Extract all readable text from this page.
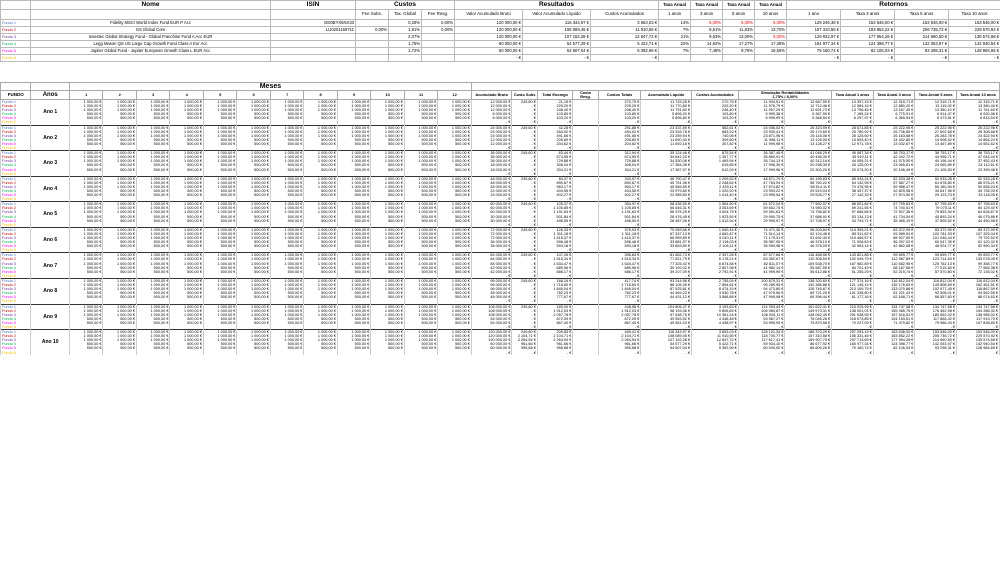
	Nome	ISIN	Custos			Resultados			Taxa Anual	Taxa Anual	Taxa Anual	Taxa Anual	Retornos			
			Fee Subs.	Tax. Global	Fee Resg.	Valor Acumulado Bruto	Valor Acumulado Líquido	Custos Acumulados	1 anos	3 anos	5 anos	10 anos	1 ano	Taxa 3 anos	Taxa 5 anos	Taxa 10 anos
Fundo 1	Fidelity MSCI World Index Fund EUR P Acc	IE00BYX5NX33		0,28%	0,00%	120 000,00 €	116 344,97 €	3 653,03 €	14%	5,00%	5,00%	5,00%	129 246,38 €	153 546,00 €	153 546,00 €	153 546,00 €
Fundo 2	GS Global Core	LU0201159711	0,00%	1,91%	0,00%	120 000,00 €	108 089,45 €	11 910,55 €	7%	9,51%	11,83%	13,70%	157 310,58 €	183 852,22 €	206 735,72 €	229 570,92 €
Fundo 3	Investec Global Strategy Fund - Global Franchise Fund A Acc EUR			2,07%		120 000,00 €	107 152,28 €	12 847,72 €	21%	9,53%	13,00%	5,00%	129 932,97 €	177 954,26 €	214 660,50 €	139 574,68 €
Fundo 4	Legg Mason QS US Large Cap Growth Fund Class A Eur Acc			1,75%		60 000,00 €	54 577,29 €	5 422,71 €	22%	14,92%	17,27%	17,38%	184 977,34 €	124 398,77 €	142 053,97 €	142 940,54 €
Fundo 5	Jupiter Global Fund - Jupiter European Growth Class L EUR Acc			1,72%		60 000,00 €	54 607,04 €	5 392,96 €	7%	7,48%	9,78%	15,55%	79 160,74 €	82 106,03 €	93 298,31 €	128 984,65 €
Fundo 6						- €	- €	- €					- €	- €	- €	- €
		Meses																								
FUNDO	Anos	1	2	3	4	5	6	7	8	9	10	11	12	Acumulado Bruto	Custo Subs	Total Encargo	Custo Resg.	Custos Totais	Acumulado Líquido	Custos Acumulados	Simulação Rentabilidades
1,75% / 8,00%		Taxa Anual 1 anos	Taxa Anual 3 anos	Taxa Anual 5 anos	Taxa Anual 10 anos
Fundo 1	Ano 1	1 000,00 €	1 000,00 €	1 000,00 €	1 000,00 €	1 000,00 €	1 000,00 €	1 000,00 €	1 000,00 €	1 000,00 €	1 000,00 €	1 000,00 €	1 000,00 €	12 000,00 €	249,60 €	21,15 €		270,75 €	11 729,25 €	270,75 €	11 934,51 €	12 667,59 €	13 397,15 €	12 315,71 €	12 315,71 €	12 315,71 €
Fundo 2		1 000,00 €	1 000,00 €	1 000,00 €	1 000,00 €	1 000,00 €	1 000,00 €	1 000,00 €	1 000,00 €	1 000,00 €	1 000,00 €	1 000,00 €	1 000,00 €	12 000,00 €	- €	229,20 €		229,20 €	11 770,80 €	229,20 €	11 976,79 €	12 712,46 €	12 584,16 €	12 880,20 €	13 115,02 €	13 380,40 €
Fundo 3		1 000,00 €	1 000,00 €	1 000,00 €	1 000,00 €	1 000,00 €	1 000,00 €	1 000,00 €	1 000,00 €	1 000,00 €	1 000,00 €	1 000,00 €	1 000,00 €	12 000,00 €	- €	248,40 €		248,40 €	11 751,60 €	248,40 €	11 957,25 €	12 691,73 €	13 756,46 €	13 167,45 €	13 380,10 €	11 761,60 €
Fundo 4		500,00 €	500,00 €	500,00 €	500,00 €	500,00 €	500,00 €	500,00 €	500,00 €	500,00 €	500,00 €	500,00 €	500,00 €	6 000,00 €	- €	103,80 €		103,80 €	5 896,20 €	103,80 €	5 999,38 €	6 367,90 €	7 169,24 €	6 775,91 €	6 914,47 €	6 920,96 €
Fundo 5		500,00 €	500,00 €	500,00 €	500,00 €	500,00 €	500,00 €	500,00 €	500,00 €	500,00 €	500,00 €	500,00 €	500,00 €	6 000,00 €	- €	103,20 €		103,20 €	5 896,80 €	103,20 €	5 999,99 €	6 368,54 €	6 297,97 €	6 365,54 €	6 473,51 €	6 813,54 €
Fundo 6														- €	- €	- €		- €	- €	- €	- €	- €	- €	- €	- €	- €
Fundo 1	Ano 2	1 000,00 €	1 000,00 €	1 000,00 €	1 000,00 €	1 000,00 €	1 000,00 €	1 000,00 €	1 000,00 €	1 000,00 €	1 000,00 €	1 000,00 €	1 000,00 €	24 000,00 €	249,60 €	42,28 €		291,88 €	23 437,89 €	562,61 €	24 056,02 €	26 323,99 €	28 671,85 €	25 222,96 €	25 222,96 €	25 222,96 €
Fundo 2		1 000,00 €	1 000,00 €	1 000,00 €	1 000,00 €	1 000,00 €	1 000,00 €	1 000,00 €	1 000,00 €	1 000,00 €	1 000,00 €	1 000,00 €	1 000,00 €	24 000,00 €	- €	454,02 €		454,02 €	23 316,78 €	683,22 €	23 930,41 €	26 179,69 €	25 780,92 €	26 736,65 €	27 602,68 €	28 308,68 €
Fundo 3		1 000,00 €	1 000,00 €	1 000,00 €	1 000,00 €	1 000,00 €	1 000,00 €	1 000,00 €	1 000,00 €	1 000,00 €	1 000,00 €	1 000,00 €	1 000,00 €	24 000,00 €	- €	491,66 €		491,66 €	23 259,94 €	740,06 €	23 871,96 €	26 116,06 €	28 125,60 €	26 163,68 €	26 283,78 €	24 422,94 €
Fundo 4		500,00 €	500,00 €	500,00 €	500,00 €	500,00 €	500,00 €	500,00 €	500,00 €	500,00 €	500,00 €	500,00 €	500,00 €	12 000,00 €	- €	205,80 €		205,80 €	11 690,40 €	309,60 €	11 998,11 €	13 126,05 €	15 693,40 €	14 442,80 €	14 908,42 €	14 864,24 €
Fundo 5		500,00 €	500,00 €	500,00 €	500,00 €	500,00 €	500,00 €	500,00 €	500,00 €	500,00 €	500,00 €	500,00 €	500,00 €	12 000,00 €	- €	204,62 €		204,62 €	11 692,18 €	307,82 €	11 999,98 €	13 128,27 €	12 971,78 €	13 032,67 €	13 467,89 €	14 551,62 €
Fundo 6														- €	- €	- €		- €	- €	- €	- €	- €	- €	- €	- €	- €
Fundo 1	Ano 3	1 000,00 €	1 000,00 €	1 000,00 €	1 000,00 €	1 000,00 €	1 000,00 €	1 000,00 €	1 000,00 €	1 000,00 €	1 000,00 €	1 000,00 €	1 000,00 €	36 000,00 €	249,60 €	63,44 €		312,94 €	35 124,46 €	875,54 €	36 367,46 €	41 046,29 €	46 087,34 €	38 753,17 €	38 753,17 €	38 753,17 €
Fundo 2		1 000,00 €	1 000,00 €	1 000,00 €	1 000,00 €	1 000,00 €	1 000,00 €	1 000,00 €	1 000,00 €	1 000,00 €	1 000,00 €	1 000,00 €	1 000,00 €	36 000,00 €	- €	674,55 €		674,55 €	34 642,23 €	1 357,77 €	35 860,91 €	40 446,30 €	39 919,11 €	42 442,72 €	44 956,71 €	47 044,44 €
Fundo 3		1 000,00 €	1 000,00 €	1 000,00 €	1 000,00 €	1 000,00 €	1 000,00 €	1 000,00 €	1 000,00 €	1 000,00 €	1 000,00 €	1 000,00 €	1 000,00 €	36 000,00 €	- €	729,88 €		729,88 €	34 530,06 €	1 469,94 €	35 744,13 €	40 312,16 €	44 059,21 €	41 575,50 €	40 198,44 €	37 452,43 €
Fundo 4		500,00 €	500,00 €	500,00 €	500,00 €	500,00 €	500,00 €	500,00 €	500,00 €	500,00 €	500,00 €	500,00 €	500,00 €	18 000,00 €	- €	306,04 €		306,04 €	17 384,35 €	615,65 €	17 996,30 €	20 298,39 €	26 125,00 €	23 065,81 €	24 065,89 €	24 112,61 €
Fundo 5		500,00 €	500,00 €	500,00 €	500,00 €	500,00 €	500,00 €	500,00 €	500,00 €	500,00 €	500,00 €	500,00 €	500,00 €	18 000,00 €	- €	304,21 €		304,21 €	17 387,97 €	612,03 €	17 999,96 €	20 303,20 €	20 073,20 €	20 196,49 €	21 105,53 €	23 399,48 €
Fundo 6														- €	- €	- €		- €	- €	- €	- €	- €	- €	- €	- €	- €
Fundo 1	Ano 4	1 000,00 €	1 000,00 €	1 000,00 €	1 000,00 €	1 000,00 €	1 000,00 €	1 000,00 €	1 000,00 €	1 000,00 €	1 000,00 €	1 000,00 €	1 000,00 €	48 000,00 €	249,60 €	84,37 €		333,97 €	46 790,47 €	1 209,53 €	48 871,79 €	60 195,83 €	65 943,24 €	52 933,28 €	52 933,28 €	52 933,28 €
Fundo 2		1 000,00 €	1 000,00 €	1 000,00 €	1 000,00 €	1 000,00 €	1 000,00 €	1 000,00 €	1 000,00 €	1 000,00 €	1 000,00 €	1 000,00 €	1 000,00 €	48 000,00 €	- €	890,87 €		890,87 €	45 751,36 €	2 248,64 €	47 763,94 €	58 760,22 €	54 132,98 €	57 587,27 €	61 678,80 €	66 576,21 €
Fundo 3		1 000,00 €	1 000,00 €	1 000,00 €	1 000,00 €	1 000,00 €	1 000,00 €	1 000,00 €	1 000,00 €	1 000,00 €	1 000,00 €	1 000,00 €	1 000,00 €	48 000,00 €	- €	963,17 €		963,17 €	45 566,89 €	2 433,11 €	47 574,82 €	58 514,11 €	70 476,95 €	59 988,47 €	60 180,94 €	50 658,24 €
Fundo 4		500,00 €	500,00 €	500,00 €	500,00 €	500,00 €	500,00 €	500,00 €	500,00 €	500,00 €	500,00 €	500,00 €	500,00 €	24 000,00 €	- €	404,55 €		404,55 €	23 979,80 €	1 020,20 €	23 993,22 €	29 519,04 €	38 457,37 €	32 829,08 €	34 647,96 €	34 735,03 €
Fundo 5		500,00 €	500,00 €	500,00 €	500,00 €	500,00 €	500,00 €	500,00 €	500,00 €	500,00 €	500,00 €	500,00 €	500,00 €	24 000,00 €	- €	402,27 €		402,27 €	22 985,60 €	1 014,40 €	23 999,94 €	29 526,77 €	27 142,33 €	27 574,50 €	29 123,73 €	33 118,05 €
Fundo 6														- €	- €	- €		- €	- €	- €	- €	- €	- €	- €	- €	- €
Fundo 1	Ano 5	1 000,00 €	1 000,00 €	1 000,00 €	1 000,00 €	1 000,00 €	1 000,00 €	1 000,00 €	1 000,00 €	1 000,00 €	1 000,00 €	1 000,00 €	1 000,00 €	60 000,00 €	249,60 €	105,37 €		354,97 €	58 435,50 €	1 564,50 €	61 572,04 €	77 562,07 €	88 501,84 €	67 795,63 €	67 795,63 €	67 795,63 €
Fundo 2		1 000,00 €	1 000,00 €	1 000,00 €	1 000,00 €	1 000,00 €	1 000,00 €	1 000,00 €	1 000,00 €	1 000,00 €	1 000,00 €	1 000,00 €	1 000,00 €	60 000,00 €	- €	1 105,85 €		1 105,85 €	56 646,31 €	3 353,69 €	59 652,75 €	74 980,02 €	69 241,55 €	74 740,51 €	79 075,11 €	84 129,40 €
Fundo 3		1 000,00 €	1 000,00 €	1 000,00 €	1 000,00 €	1 000,00 €	1 000,00 €	1 000,00 €	1 000,00 €	1 000,00 €	1 000,00 €	1 000,00 €	1 000,00 €	60 000,00 €	- €	1 191,63 €		1 191,63 €	56 375,25 €	3 624,75 €	59 361,63 €	74 758,82 €	97 666,66 €	72 507,36 €	79 853,94 €	64 626,67 €
Fundo 4		500,00 €	500,00 €	500,00 €	500,00 €	500,00 €	500,00 €	500,00 €	500,00 €	500,00 €	500,00 €	500,00 €	500,00 €	30 000,00 €	- €	501,84 €		501,84 €	28 476,45 €	1 523,55 €	29 990,75 €	37 686,91 €	53 134,13 €	41 734,54 €	45 893,24 €	46 075,86 €
Fundo 5		500,00 €	500,00 €	500,00 €	500,00 €	500,00 €	500,00 €	500,00 €	500,00 €	500,00 €	500,00 €	500,00 €	500,00 €	30 000,00 €	- €	498,55 €		498,55 €	28 487,06 €	1 512,94 €	29 999,97 €	37 708,97 €	34 793,71 €	35 465,19 €	37 895,62 €	44 450,58 €
Fundo 6														- €	- €	- €		- €	- €	- €	- €	- €	- €	- €	- €	- €
Fundo 1	Ano 6	1 000,00 €	1 000,00 €	1 000,00 €	1 000,00 €	1 000,00 €	1 000,00 €	1 000,00 €	1 000,00 €	1 000,00 €	1 000,00 €	1 000,00 €	1 000,00 €	72 000,00 €	249,60 €	126,33 €		375,93 €	70 059,56 €	1 940,44 €	74 471,30 €	96 203,84 €	114 393,21 €	83 372,99 €	83 372,99 €	83 372,99 €
Fundo 2		1 000,00 €	1 000,00 €	1 000,00 €	1 000,00 €	1 000,00 €	1 000,00 €	1 000,00 €	1 000,00 €	1 000,00 €	1 000,00 €	1 000,00 €	1 000,00 €	72 000,00 €	- €	1 311,18 €		1 311,18 €	67 337,13 €	4 662,87 €	71 514,14 €	92 124,46 €	85 511,82 €	93 589,94 €	100 781,53 €	107 325,04 €
Fundo 3		1 000,00 €	1 000,00 €	1 000,00 €	1 000,00 €	1 000,00 €	1 000,00 €	1 000,00 €	1 000,00 €	1 000,00 €	1 000,00 €	1 000,00 €	1 000,00 €	72 000,00 €	- €	1 415,37 €		1 415,37 €	66 959,89 €	5 040,11 €	71 179,31 €	91 692,40 €	119 465,57 €	88 927,50 €	101 046,44 €	79 792,52 €
Fundo 4		500,00 €	500,00 €	500,00 €	500,00 €	500,00 €	500,00 €	500,00 €	500,00 €	500,00 €	500,00 €	500,00 €	500,00 €	36 000,00 €	- €	596,48 €		596,48 €	33 881,97 €	2 118,03 €	35 987,06 €	46 378,10 €	71 006,63 €	56 297,02 €	60 047,39 €	61 120,32 €
Fundo 5		500,00 €	500,00 €	500,00 €	500,00 €	500,00 €	500,00 €	500,00 €	500,00 €	500,00 €	500,00 €	500,00 €	500,00 €	36 000,00 €	- €	593,18 €		593,18 €	33 893,89 €	2 106,11 €	35 999,98 €	46 376,09 €	42 563,14 €	42 862,08 €	46 924,77 €	52 990,34 €
Fundo 6														- €	- €	- €		- €	- €	- €	- €	- €	- €	- €	- €	- €
Fundo 1	Ano 7	1 000,00 €	1 000,00 €	1 000,00 €	1 000,00 €	1 000,00 €	1 000,00 €	1 000,00 €	1 000,00 €	1 000,00 €	1 000,00 €	1 000,00 €	1 000,00 €	84 000,00 €	249,60 €	147,26 €		396,84 €	81 662,73 €	2 337,28 €	87 577,66 €	116 468,96 €	143 821,88 €	99 699,77 €	99 699,77 €	99 699,77 €
Fundo 2		1 000,00 €	1 000,00 €	1 000,00 €	1 000,00 €	1 000,00 €	1 000,00 €	1 000,00 €	1 000,00 €	1 000,00 €	1 000,00 €	1 000,00 €	1 000,00 €	84 000,00 €	- €	1 515,34 €		1 515,34 €	77 821,79 €	6 178,21 €	83 352,67 €	110 306,54 €	102 049,79 €	112 987,89 €	123 714,63 €	133 078,05 €
Fundo 3		1 000,00 €	1 000,00 €	1 000,00 €	1 000,00 €	1 000,00 €	1 000,00 €	1 000,00 €	1 000,00 €	1 000,00 €	1 000,00 €	1 000,00 €	1 000,00 €	84 000,00 €	- €	1 634,47 €		1 634,47 €	77 325,42 €	6 674,58 €	82 811,07 €	109 538,70 €	167 982,89 €	110 582,95 €	125 762,13 €	99 358,77 €
Fundo 4		500,00 €	500,00 €	500,00 €	500,00 €	500,00 €	500,00 €	500,00 €	500,00 €	500,00 €	500,00 €	500,00 €	500,00 €	42 000,00 €	- €	689,96 €		689,96 €	39 192,02 €	2 807,98 €	41 982,14 €	55 587,55 €	84 701,49 €	68 187,66 €	77 015,83 €	77 565,38 €
Fundo 5		500,00 €	500,00 €	500,00 €	500,00 €	500,00 €	500,00 €	500,00 €	500,00 €	500,00 €	500,00 €	500,00 €	500,00 €	42 000,00 €	- €	686,17 €		686,17 €	39 207,09 €	2 792,91 €	41 999,99 €	55 612,86 €	51 255,29 €	52 219,74 €	57 570,80 €	72 135,02 €
Fundo 6														- €	- €	- €		- €	- €	- €	- €	- €	- €	- €	- €	- €
Fundo 1	Ano 8	1 000,00 €	1 000,00 €	1 000,00 €	1 000,00 €	1 000,00 €	1 000,00 €	1 000,00 €	1 000,00 €	1 000,00 €	1 000,00 €	1 000,00 €	1 000,00 €	96 000,00 €	249,60 €	168,16 €		417,74 €	93 244,96 €	2 755,04 €	100 879,31 €	138 320,60 €	177 374,16 €	116 812,04 €	116 812,04 €	116 812,04 €
Fundo 2		1 000,00 €	1 000,00 €	1 000,00 €	1 000,00 €	1 000,00 €	1 000,00 €	1 000,00 €	1 000,00 €	1 000,00 €	1 000,00 €	1 000,00 €	1 000,00 €	96 000,00 €	- €	1 716,60 €		1 716,60 €	88 105,39 €	7 894,61 €	95 289,95 €	130 386,88 €	121 145,14 €	135 176,63 €	149 808,69 €	162 451,51 €
Fundo 3		1 000,00 €	1 000,00 €	1 000,00 €	1 000,00 €	1 000,00 €	1 000,00 €	1 000,00 €	1 000,00 €	1 000,00 €	1 000,00 €	1 000,00 €	1 000,00 €	96 000,00 €	- €	1 849,04 €		1 849,04 €	87 525,81 €	8 474,19 €	94 473,80 €	128 745,67 €	213 109,79 €	133 070,86 €	152 977,45 €	118 867,59 €
Fundo 4		500,00 €	500,00 €	500,00 €	500,00 €	500,00 €	500,00 €	500,00 €	500,00 €	500,00 €	500,00 €	500,00 €	500,00 €	48 000,00 €	- €	782,23 €		782,23 €	44 469,22 €	3 530,78 €	47 975,56 €	65 721,25 €	101 338,80 €	81 221,43 €	92 508,01 €	94 562,55 €
Fundo 5		500,00 €	500,00 €	500,00 €	500,00 €	500,00 €	500,00 €	500,00 €	500,00 €	500,00 €	500,00 €	500,00 €	500,00 €	48 000,00 €	- €	777,67 €		777,67 €	44 431,12 €	3 568,88 €	47 999,98 €	65 396,44 €	61 177,16 €	62 168,71 €	68 557,60 €	88 074,63 €
Fundo 6														- €	- €	- €		- €	- €	- €	- €	- €	- €	- €	- €	- €
Fundo 1	Ano 9	1 000,00 €	1 000,00 €	1 000,00 €	1 000,00 €	1 000,00 €	1 000,00 €	1 000,00 €	1 000,00 €	1 000,00 €	1 000,00 €	1 000,00 €	1 000,00 €	108 000,00 €	249,60 €	189,00 €		438,58 €	104 806,47 €	3 193,63 €	114 393,44 €	161 622,41 €	215 029,99 €	134 747,58 €	134 747,58 €	134 747,58 €
Fundo 2		1 000,00 €	1 000,00 €	1 000,00 €	1 000,00 €	1 000,00 €	1 000,00 €	1 000,00 €	1 000,00 €	1 000,00 €	1 000,00 €	1 000,00 €	1 000,00 €	108 000,00 €	- €	1 912,03 €		1 912,03 €	98 193,36 €	9 806,64 €	106 960,87 €	149 973,31 €	138 001,01 €	155 465,76 €	176 462,98 €	194 286,32 €
Fundo 3		1 000,00 €	1 000,00 €	1 000,00 €	1 000,00 €	1 000,00 €	1 000,00 €	1 000,00 €	1 000,00 €	1 000,00 €	1 000,00 €	1 000,00 €	1 000,00 €	108 000,00 €	- €	2 057,78 €		2 057,78 €	97 638,76 €	10 361,24 €	106 004,11 €	148 062,49 €	251 638,99 €	157 616,51 €	180 652,02 €	138 985,02 €
Fundo 4		500,00 €	500,00 €	500,00 €	500,00 €	500,00 €	500,00 €	500,00 €	500,00 €	500,00 €	500,00 €	500,00 €	500,00 €	54 000,00 €	- €	872,09 €		872,09 €	49 553,52 €	4 446,48 €	53 967,27 €	76 045,26 €	118 673,85 €	104 153,61 €	117 866,42 €	117 919,70 €
Fundo 5		500,00 €	500,00 €	500,00 €	500,00 €	500,00 €	500,00 €	500,00 €	500,00 €	500,00 €	500,00 €	500,00 €	500,00 €	54 000,00 €	- €	867,40 €		867,40 €	49 561,03 €	4 438,97 €	53 999,99 €	75 879,56 €	70 227,09 €	71 479,82 €	79 966,43 €	107 838,80 €
Fundo 6														- €	- €	- €		- €	- €	- €	- €	- €	- €	- €	- €	- €
Fundo 1	Ano 10	1 000,00 €	1 000,00 €	1 000,00 €	1 000,00 €	1 000,00 €	1 000,00 €	1 000,00 €	1 000,00 €	1 000,00 €	1 000,00 €	1 000,00 €	1 000,00 €	120 000,00 €	249,60 €	209,83 €		459,41 €	116 344,97 €	3 653,03 €	128 121,34 €	186 370,29 €	257 093,19 €	153 546,00 €	153 546,00 €	153 546,00 €
Fundo 2		1 000,00 €	1 000,00 €	1 000,00 €	1 000,00 €	1 000,00 €	1 000,00 €	1 000,00 €	1 000,00 €	1 000,00 €	1 000,00 €	1 000,00 €	1 000,00 €	120 000,00 €	2 104,71 €	2 104,71 €		2 104,71 €	108 089,45 €	11 910,55 €	118 730,77 €	157 310,58 €	155 331,48 €	183 852,22 €	206 735,72 €	229 570,92 €
Fundo 3		1 000,00 €	1 000,00 €	1 000,00 €	1 000,00 €	1 000,00 €	1 000,00 €	1 000,00 €	1 000,00 €	1 000,00 €	1 000,00 €	1 000,00 €	1 000,00 €	120 000,00 €	2 264,94 €	2 264,94 €		2 264,94 €	107 152,28 €	12 847,72 €	117 617,41 €	169 907,75 €	297 713,69 €	177 954,26 €	214 660,50 €	139 574,68 €
Fundo 4		500,00 €	500,00 €	500,00 €	500,00 €	500,00 €	500,00 €	500,00 €	500,00 €	500,00 €	500,00 €	500,00 €	500,00 €	60 000,00 €	961,66 €	961,66 €		961,66 €	54 577,29 €	5 422,71 €	59 934,10 €	86 677,92 €	184 977,34 €	124 398,77 €	142 053,97 €	142 940,54 €
Fundo 5		500,00 €	500,00 €	500,00 €	500,00 €	500,00 €	500,00 €	500,00 €	500,00 €	500,00 €	500,00 €	500,00 €	500,00 €	60 000,00 €	955,68 €	955,68 €		955,68 €	54 607,04 €	5 392,96 €	60 000,00 €	86 609,26 €	79 160,74 €	82 106,03 €	93 298,31 €	128 984,65 €
Fundo 6														- €	- €	- €		- €	- €	- €	- €	- €	- €	- €	- €	- €
